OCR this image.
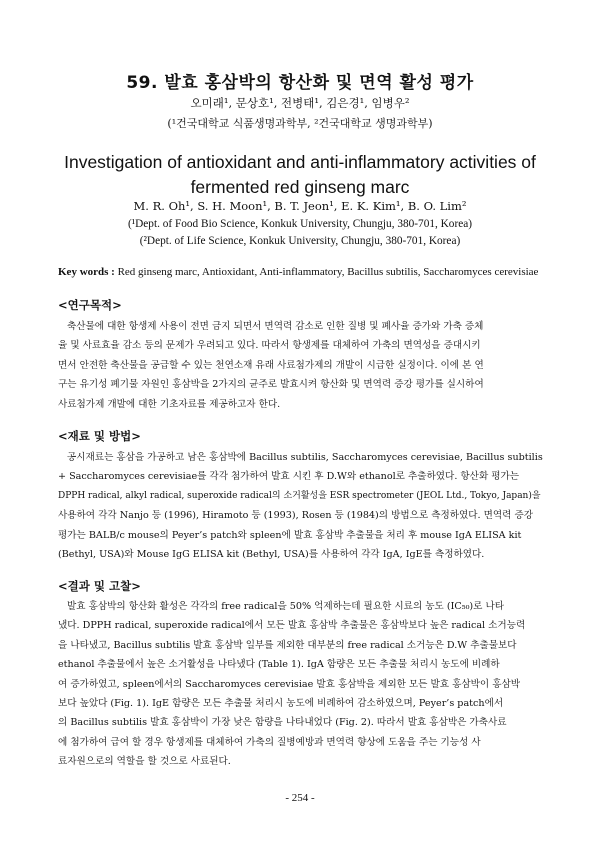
59. 발효 홍삼박의 항산화 및 면역 활성 평가
오미래¹, 문상호¹, 전병태¹, 김은경¹, 임병우²
(¹건국대학교 식품생명과학부, ²건국대학교 생명과학부)
Investigation of antioxidant and anti-inflammatory activities of
fermented red ginseng marc
M. R. Oh¹, S. H. Moon¹, B. T. Jeon¹, E. K. Kim¹, B. O. Lim²
(¹Dept. of Food Bio Science, Konkuk University, Chungju, 380-701, Korea)
(²Dept. of Life Science, Konkuk University, Chungju, 380-701, Korea)
Key words : Red ginseng marc, Antioxidant, Anti-inflammatory, Bacillus subtilis, Saccharomyces cerevisiae
<연구목적>
축산물에 대한 항생제 사용이 전면 금지 되면서 면역력 감소로 인한 질병 및 폐사율 증가와 가축 증체
율 및 사료효율 감소 등의 문제가 우려되고 있다. 따라서 항생제를 대체하여 가축의 면역성을 증대시키
면서 안전한 축산물을 공급할 수 있는 천연소재 유래 사료첨가제의 개발이 시급한 실정이다. 이에 본 연
구는 유기성 폐기물 자원인 홍삼박을 2가지의 균주로 발효시켜 항산화 및 면역력 증강 평가를 실시하여
사료첨가제 개발에 대한 기초자료를 제공하고자 한다.
<재료 및 방법>
공시재료는 홍삼을 가공하고 남은 홍삼박에 Bacillus subtilis, Saccharomyces cerevisiae, Bacillus subtilis
+ Saccharomyces cerevisiae를 각각 첨가하여 발효 시킨 후 D.W와 ethanol로 추출하였다. 항산화 평가는
DPPH radical, alkyl radical, superoxide radical의 소거활성을 ESR spectrometer (JEOL Ltd., Tokyo, Japan)을
사용하여 각각 Nanjo 등 (1996), Hiramoto 등 (1993), Rosen 등 (1984)의 방법으로 측정하였다. 면역력 증강
평가는 BALB/c mouse의 Peyer’s patch와 spleen에 발효 홍삼박 추출물을 처리 후 mouse IgA ELISA kit
(Bethyl, USA)와 Mouse IgG ELISA kit (Bethyl, USA)를 사용하여 각각 IgA, IgE를 측정하였다.
<결과 및 고찰>
발효 홍삼박의 항산화 활성은 각각의 free radical을 50% 억제하는데 필요한 시료의 농도 (IC₅₀)로 나타
냈다. DPPH radical, superoxide radical에서 모든 발효 홍삼박 추출물은 홍삼박보다 높은 radical 소거능력
을 나타냈고, Bacillus subtilis 발효 홍삼박 일부를 제외한 대부분의 free radical 소거능은 D.W 추출물보다
ethanol 추출물에서 높은 소거활성을 나타냈다 (Table 1). IgA 함량은 모든 추출물 처리시 농도에 비례하
여 증가하였고, spleen에서의 Saccharomyces cerevisiae 발효 홍삼박을 제외한 모든 발효 홍삼박이 홍삼박
보다 높았다 (Fig. 1). IgE 함량은 모든 추출물 처리시 농도에 비례하여 감소하였으며, Peyer’s patch에서
의 Bacillus subtilis 발효 홍삼박이 가장 낮은 함량을 나타내었다 (Fig. 2). 따라서 발효 홍삼박은 가축사료
에 첨가하여 급여 할 경우 항생제를 대체하여 가축의 질병예방과 면역력 향상에 도움을 주는 기능성 사
료자원으로의 역할을 할 것으로 사료된다.
- 254 -
